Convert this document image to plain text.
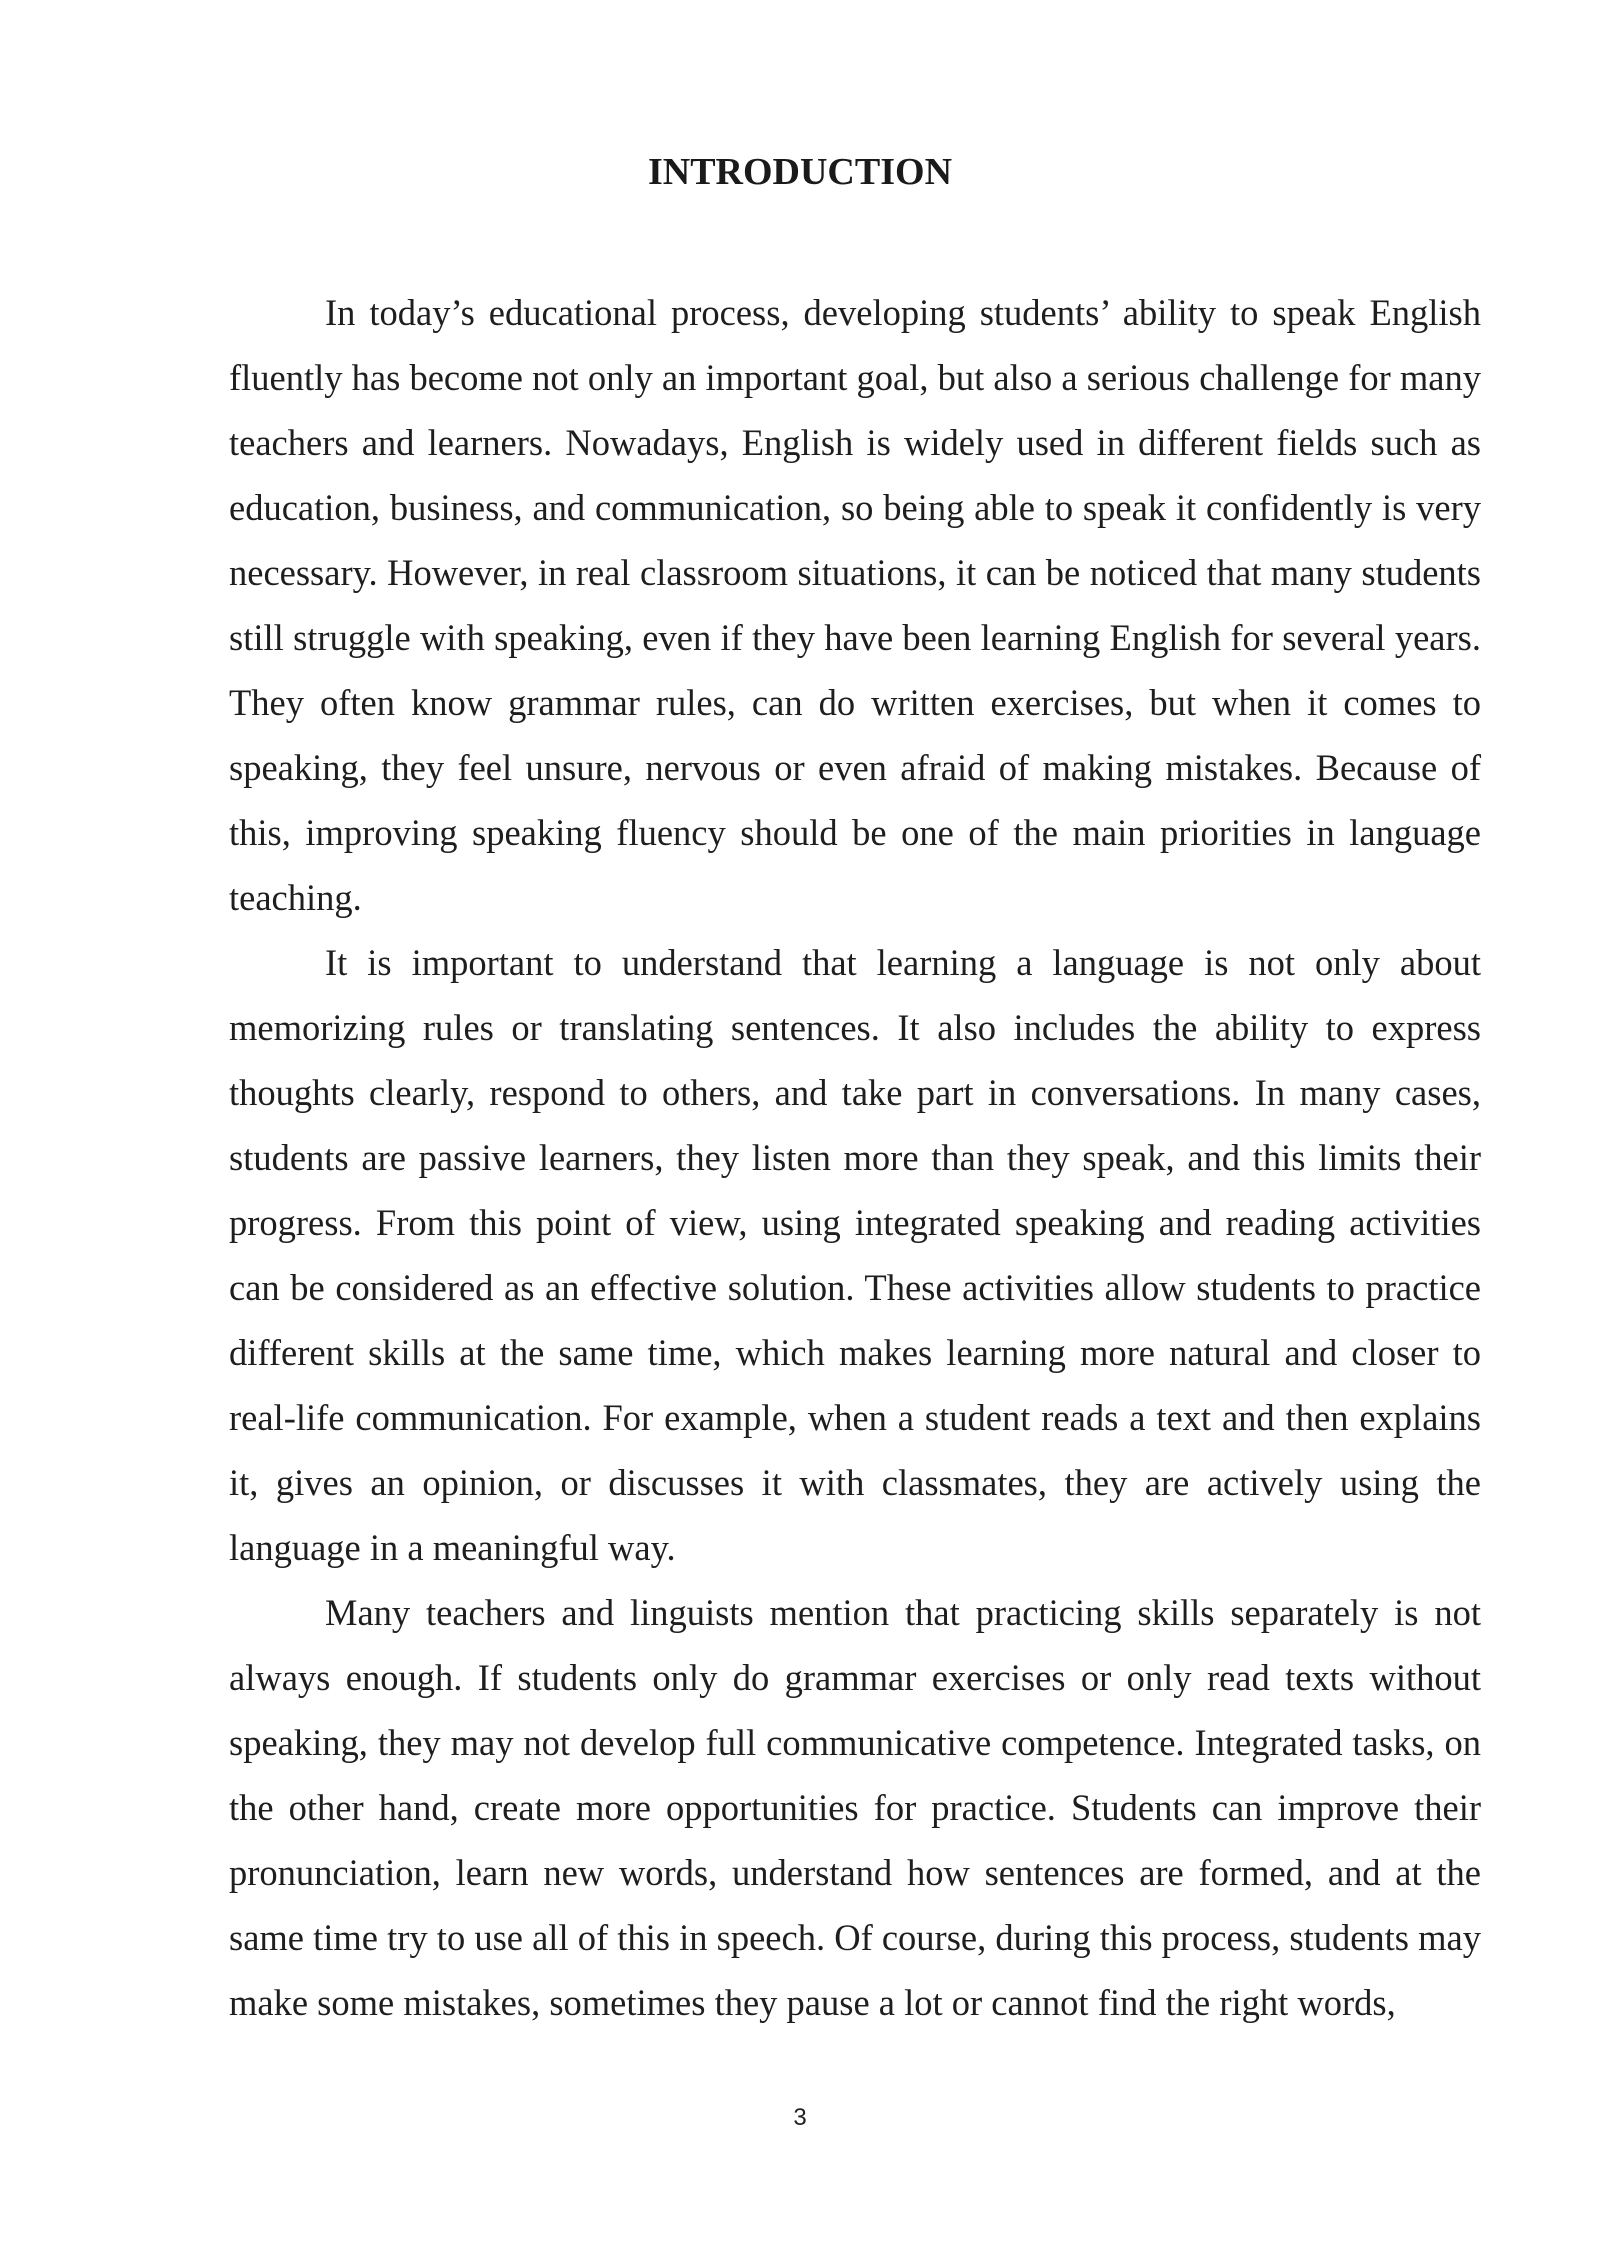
INTRODUCTION

In today’s educational process, developing students’ ability to speak English fluently has become not only an important goal, but also a serious challenge for many teachers and learners. Nowadays, English is widely used in different fields such as education, business, and communication, so being able to speak it confidently is very necessary. However, in real classroom situations, it can be noticed that many students still struggle with speaking, even if they have been learning English for several years. They often know grammar rules, can do written exercises, but when it comes to speaking, they feel unsure, nervous or even afraid of making mistakes. Because of this, improving speaking fluency should be one of the main priorities in language teaching.

It is important to understand that learning a language is not only about memorizing rules or translating sentences. It also includes the ability to express thoughts clearly, respond to others, and take part in conversations. In many cases, students are passive learners, they listen more than they speak, and this limits their progress. From this point of view, using integrated speaking and reading activities can be considered as an effective solution. These activities allow students to practice different skills at the same time, which makes learning more natural and closer to real-life communication. For example, when a student reads a text and then explains it, gives an opinion, or discusses it with classmates, they are actively using the language in a meaningful way.

Many teachers and linguists mention that practicing skills separately is not always enough. If students only do grammar exercises or only read texts without speaking, they may not develop full communicative competence. Integrated tasks, on the other hand, create more opportunities for practice. Students can improve their pronunciation, learn new words, understand how sentences are formed, and at the same time try to use all of this in speech. Of course, during this process, students may make some mistakes, sometimes they pause a lot or cannot find the right words,

3
